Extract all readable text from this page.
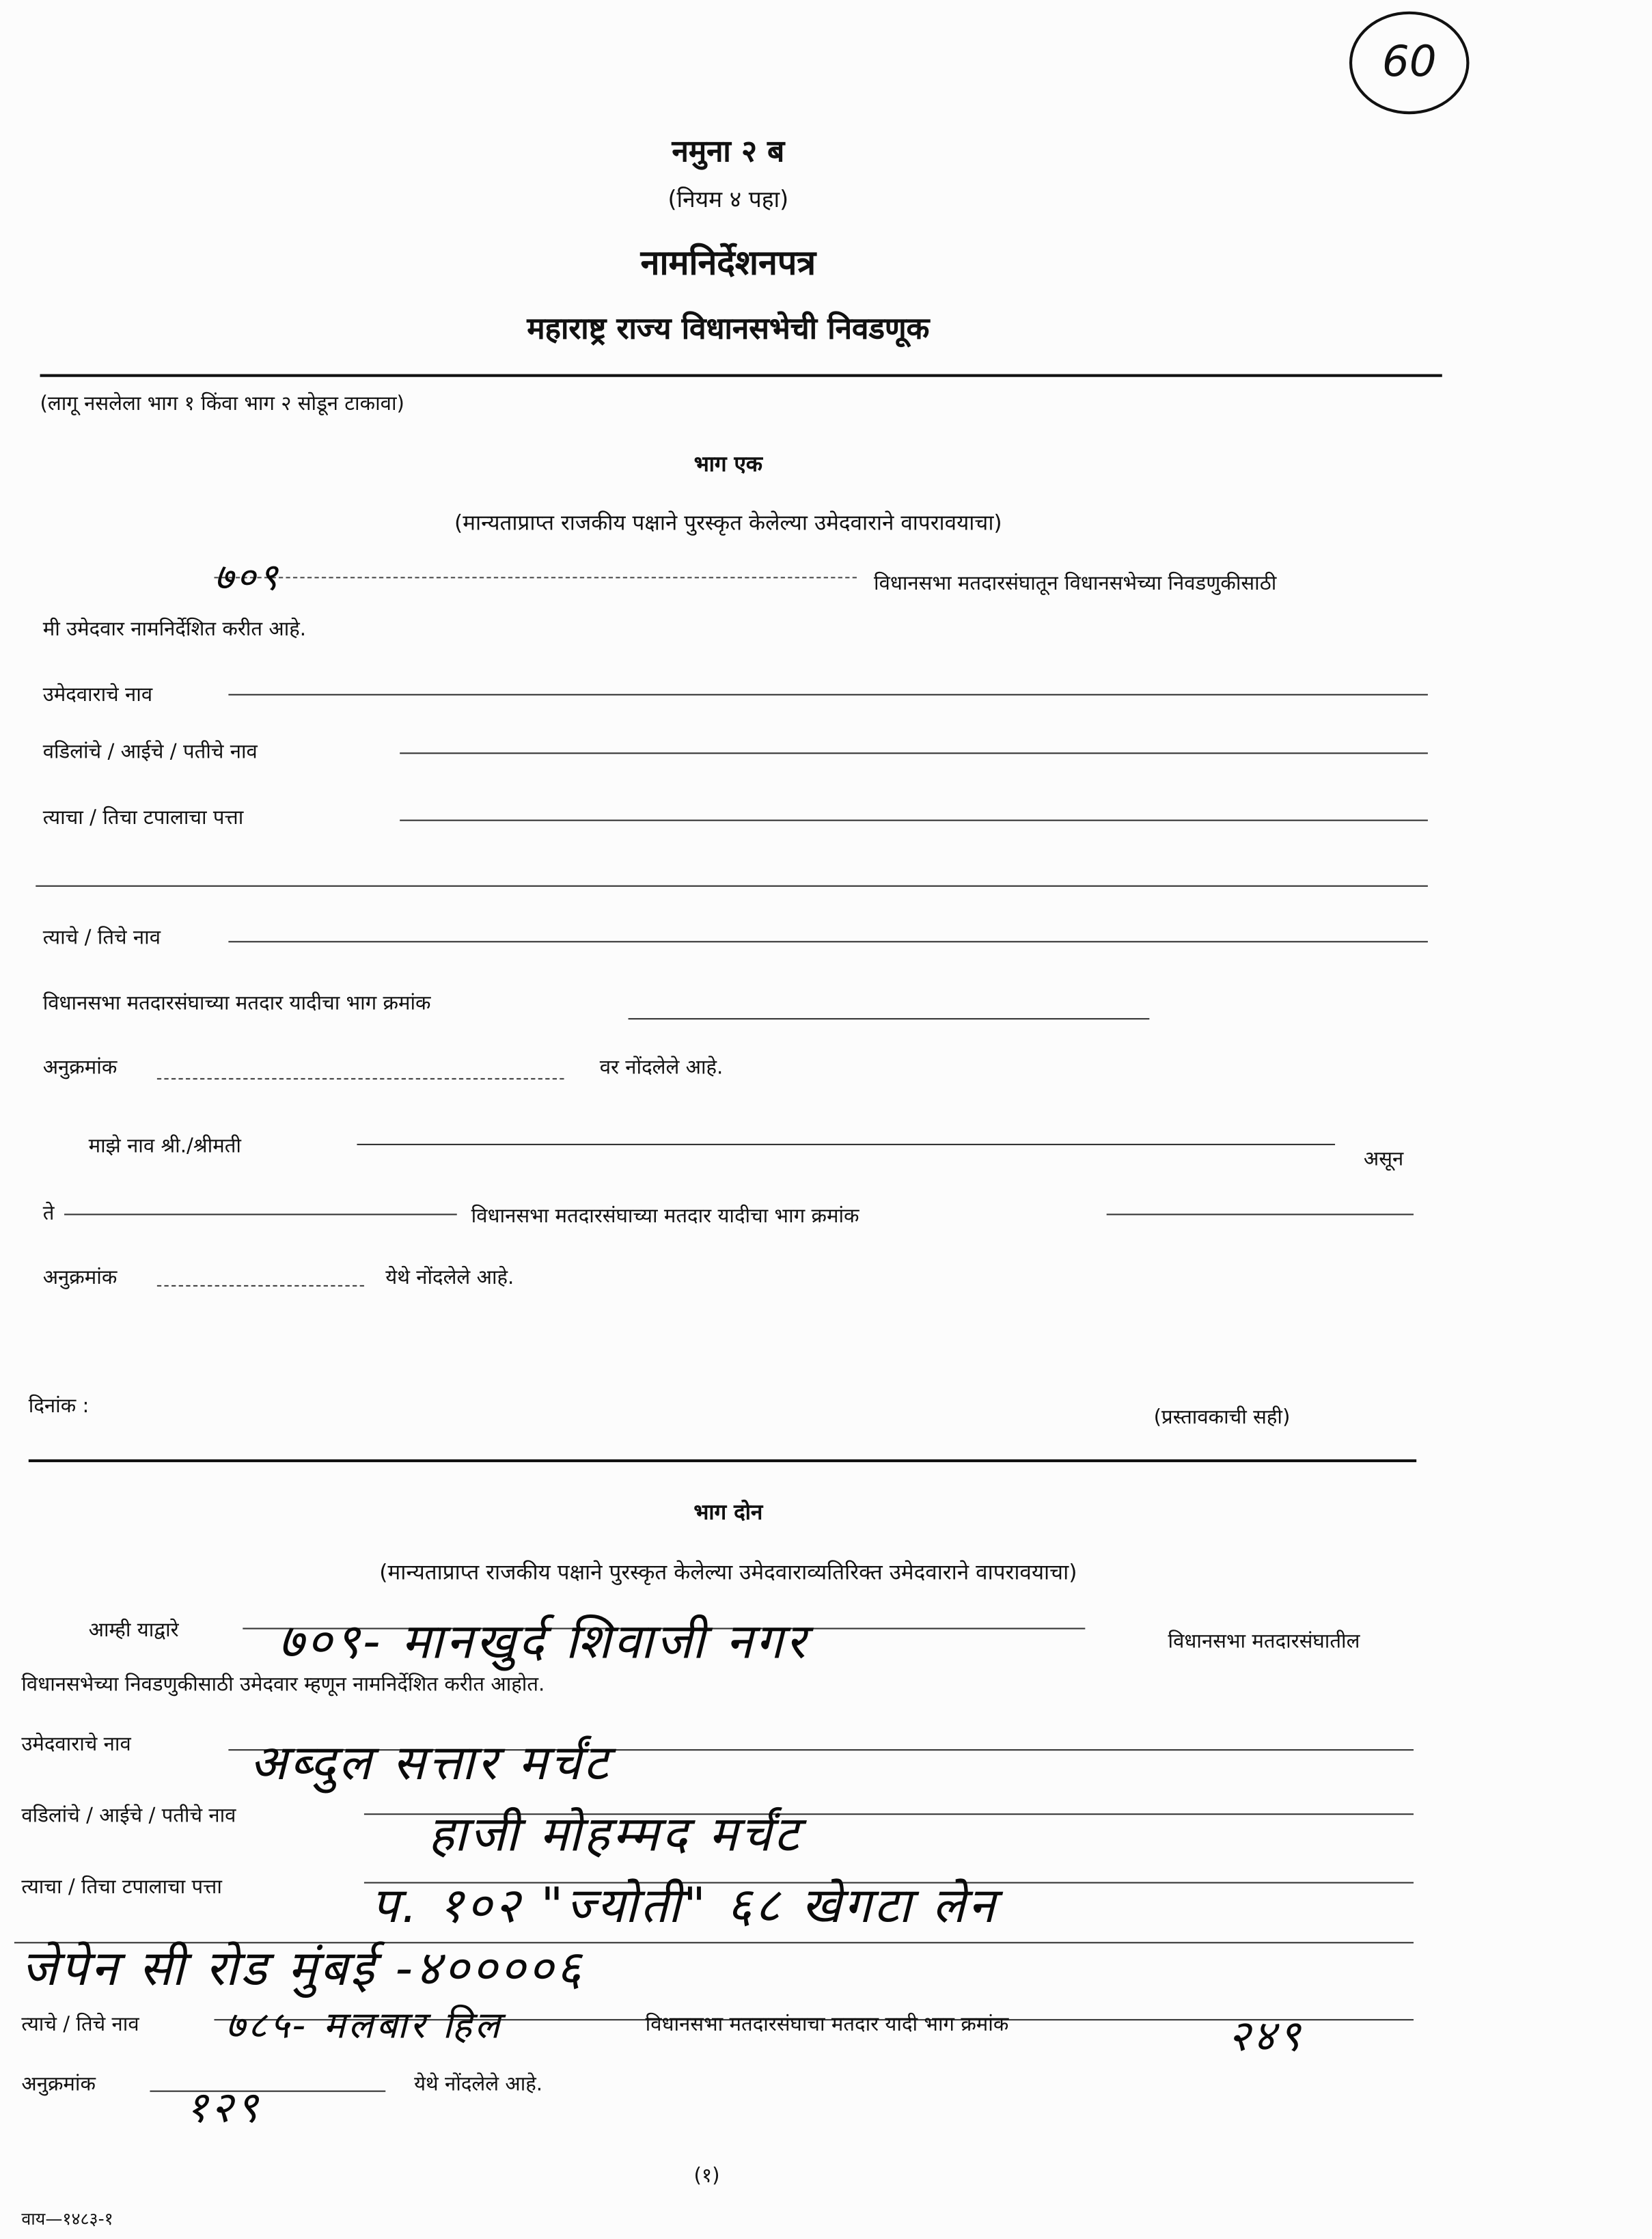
60
नमुना २ ब
(नियम ४ पहा)
नामनिर्देशनपत्र
महाराष्ट्र राज्य विधानसभेची निवडणूक
(लागू नसलेला भाग १ किंवा भाग २ सोडून टाकावा)
भाग एक
(मान्यताप्राप्त राजकीय पक्षाने पुरस्कृत केलेल्या उमेदवाराने वापरावयाचा)
७०९	विधानसभा मतदारसंघातून विधानसभेच्या निवडणुकीसाठी
मी उमेदवार नामनिर्देशित करीत आहे.
उमेदवाराचे नाव
वडिलांचे / आईचे / पतीचे नाव
त्याचा / तिचा टपालाचा पत्ता
त्याचे / तिचे नाव
विधानसभा मतदारसंघाच्या मतदार यादीचा भाग क्रमांक
अनुक्रमांक	वर नोंदलेले आहे.
माझे नाव श्री./श्रीमती
असून
ते	विधानसभा मतदारसंघाच्या मतदार यादीचा भाग क्रमांक
अनुक्रमांक	येथे नोंदलेले आहे.
दिनांक :	(प्रस्तावकाची सही)
भाग दोन
(मान्यताप्राप्त राजकीय पक्षाने पुरस्कृत केलेल्या उमेदवाराव्यतिरिक्त उमेदवाराने वापरावयाचा)
आम्ही याद्वारे	७०९- मानखुर्द शिवाजी नगर	विधानसभा मतदारसंघातील
विधानसभेच्या निवडणुकीसाठी उमेदवार म्हणून नामनिर्देशित करीत आहोत.
उमेदवाराचे नाव	अब्दुल सत्तार मर्चंट
वडिलांचे / आईचे / पतीचे नाव	हाजी मोहम्मद मर्चंट
त्याचा / तिचा टपालाचा पत्ता	प. १०२ "ज्योती" ६८ खेगटा लेन
जेपेन सी रोड मुंबई -४००००६
त्याचे / तिचे नाव	७८५- मलबार हिल	विधानसभा मतदारसंघाचा मतदार यादी भाग क्रमांक	२४९
अनुक्रमांक	१२९	येथे नोंदलेले आहे.
(१)
वाय—१४८३-१
